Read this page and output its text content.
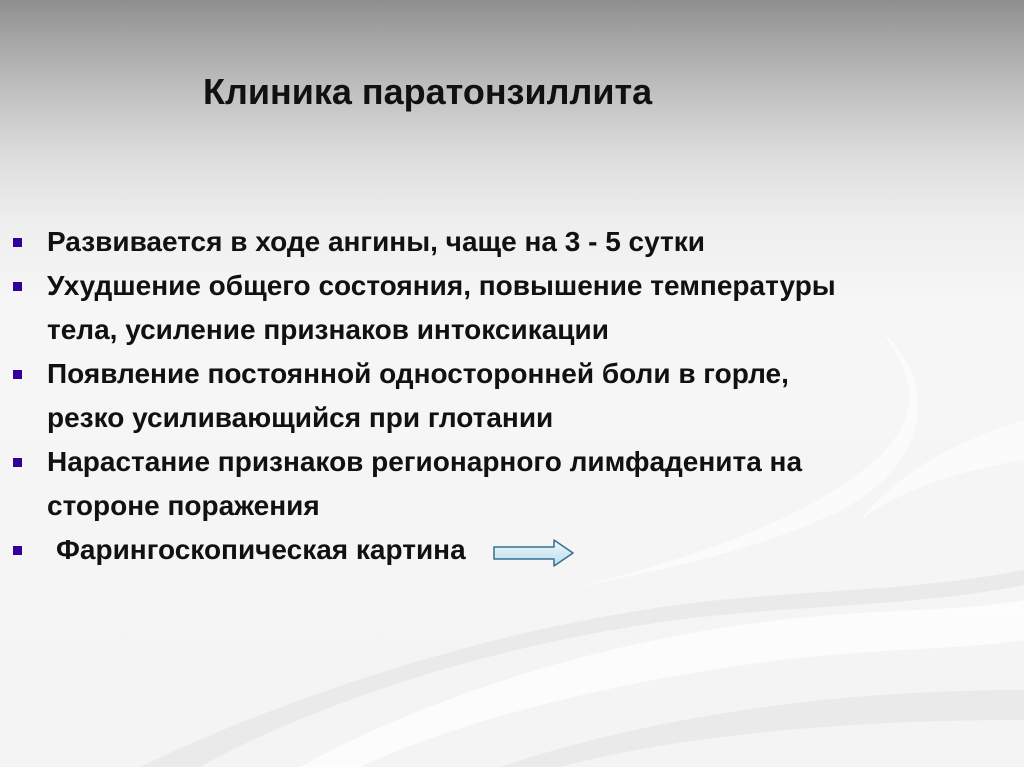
Клиника паратонзиллита
Развивается в ходе ангины, чаще на 3 - 5 сутки
Ухудшение общего состояния, повышение температуры
тела, усиление признаков интоксикации
Появление постоянной односторонней боли в горле,
резко усиливающийся при глотании
Нарастание признаков регионарного лимфаденита на
стороне поражения
Фарингоскопическая картина
